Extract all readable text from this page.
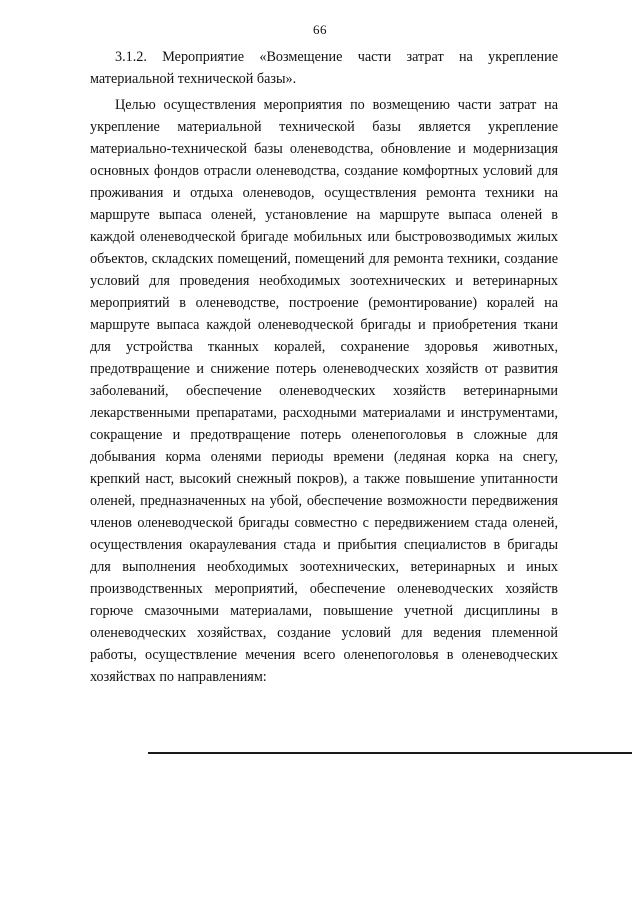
66
3.1.2. Мероприятие «Возмещение части затрат на укрепление материальной технической базы».

Целью осуществления мероприятия по возмещению части затрат на укрепление материальной технической базы является укрепление материально-технической базы оленеводства, обновление и модернизация основных фондов отрасли оленеводства, создание комфортных условий для проживания и отдыха оленеводов, осуществления ремонта техники на маршруте выпаса оленей, установление на маршруте выпаса оленей в каждой оленеводческой бригаде мобильных или быстровозводимых жилых объектов, складских помещений, помещений для ремонта техники, создание условий для проведения необходимых зоотехнических и ветеринарных мероприятий в оленеводстве, построение (ремонтирование) коралей на маршруте выпаса каждой оленеводческой бригады и приобретения ткани для устройства тканных коралей, сохранение здоровья животных, предотвращение и снижение потерь оленеводческих хозяйств от развития заболеваний, обеспечение оленеводческих хозяйств ветеринарными лекарственными препаратами, расходными материалами и инструментами, сокращение и предотвращение потерь оленепоголовья в сложные для добывания корма оленями периоды времени (ледяная корка на снегу, крепкий наст, высокий снежный покров), а также повышение упитанности оленей, предназначенных на убой, обеспечение возможности передвижения членов оленеводческой бригады совместно с передвижением стада оленей, осуществления окараулевания стада и прибытия специалистов в бригады для выполнения необходимых зоотехнических, ветеринарных и иных производственных мероприятий, обеспечение оленеводческих хозяйств горюче смазочными материалами, повышение учетной дисциплины в оленеводческих хозяйствах, создание условий для ведения племенной работы, осуществление мечения всего оленепоголовья в оленеводческих хозяйствах по направлениям:
